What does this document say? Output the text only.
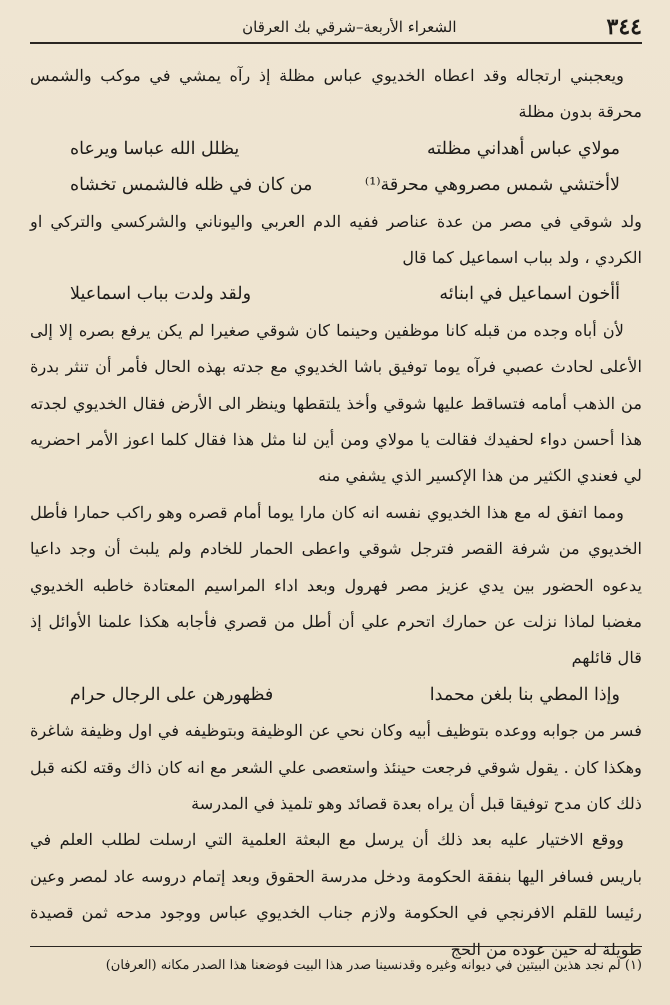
٣٤٤
الشعراء الأربعة–شرقي بك العرقان

ويعجبني ارتجاله وقد اعطاه الخديوي عباس مظلة إذ رآه يمشي في موكب والشمس محرقة بدون مظلة

مولاي عباس أهداني مظلته
يظلل الله عباسا ويرعاه
لاأختشي شمس مصروهي محرقة⁽¹⁾
من كان في ظله فالشمس تخشاه

ولد شوقي في مصر من عدة عناصر ففيه الدم العربي واليوناني والشركسي والتركي او الكردي ، ولد بباب اسماعيل كما قال

أأخون اسماعيل في ابنائه
ولقد ولدت بباب اسماعيلا

لأن أباه وجده من قبله كانا موظفين وحينما كان شوقي صغيرا لم يكن يرفع بصره إلا إلى الأعلى لحادث عصبي فرآه يوما توفيق باشا الخديوي مع جدته بهذه الحال فأمر أن تنثر بدرة من الذهب أمامه فتساقط عليها شوقي وأخذ يلتقطها وينظر الى الأرض فقال الخديوي لجدته هذا أحسن دواء لحفيدك فقالت يا مولاي ومن أين لنا مثل هذا فقال كلما اعوز الأمر احضريه لي فعندي الكثير من هذا الإكسير الذي يشفي منه

ومما اتفق له مع هذا الخديوي نفسه انه كان مارا يوما أمام قصره وهو راكب حمارا فأطل الخديوي من شرفة القصر فترجل شوقي واعطى الحمار للخادم ولم يلبث أن وجد داعيا يدعوه الحضور بين يدي عزيز مصر فهرول وبعد اداء المراسيم المعتادة خاطبه الخديوي مغضبا لماذا نزلت عن حمارك اتحرم علي أن أطل من قصري فأجابه هكذا علمنا الأوائل إذ قال قائلهم

وإذا المطي بنا بلغن محمدا
فظهورهن على الرجال حرام

فسر من جوابه ووعده بتوظيف أبيه وكان نحي عن الوظيفة وبتوظيفه في اول وظيفة شاغرة وهكذا كان . يقول شوقي فرجعت حينئذ واستعصى علي الشعر مع انه كان ذاك وقته لكنه قبل ذلك كان مدح توفيقا قبل أن يراه بعدة قصائد وهو تلميذ في المدرسة

ووقع الاختيار عليه بعد ذلك أن يرسل مع البعثة العلمية التي ارسلت لطلب العلم في باريس فسافر اليها بنفقة الحكومة ودخل مدرسة الحقوق وبعد إتمام دروسه عاد لمصر وعين رئيسا للقلم الافرنجي في الحكومة ولازم جناب الخديوي عباس ووجود مدحه ثمن قصيدة طويلة له حين عوده من الحج

(١) لم نجد هذين البيتين في ديوانه وغيره وقدنسينا صدر هذا البيت فوضعنا هذا الصدر مكانه (العرفان)
